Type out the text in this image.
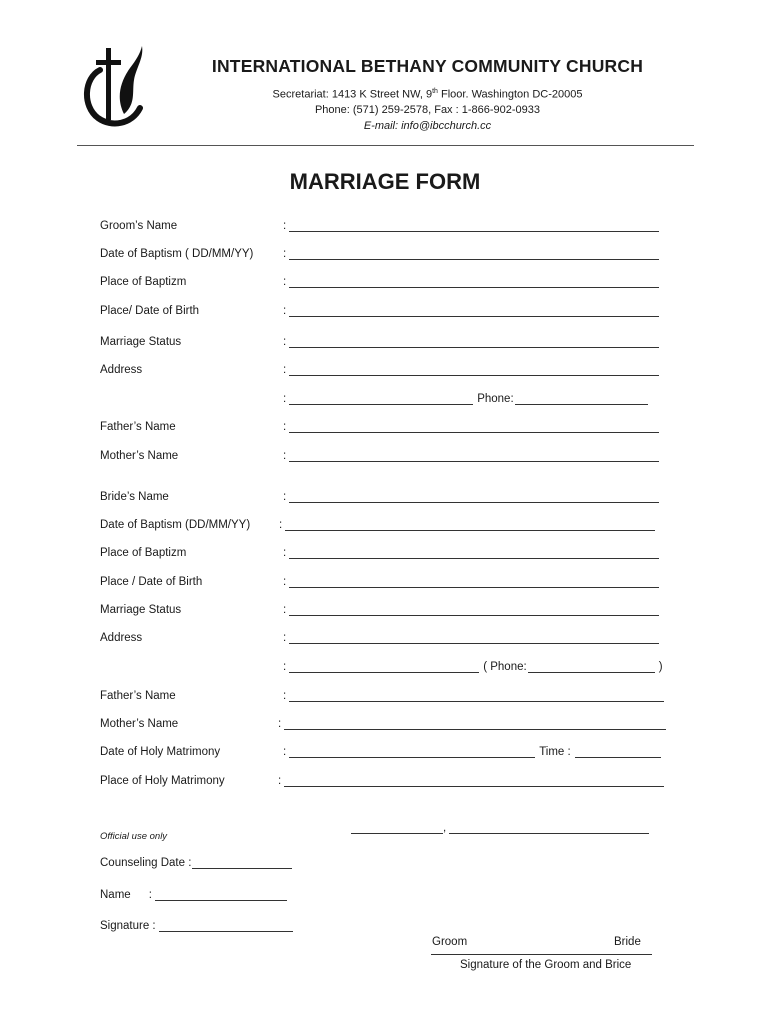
INTERNATIONAL BETHANY COMMUNITY CHURCH
Secretariat: 1413 K Street NW, 9th Floor. Washington DC-20005
Phone: (571) 259-2578, Fax : 1-866-902-0933
E-mail: info@ibcchurch.cc
MARRIAGE FORM
Groom’s Name	:
Date of Baptism ( DD/MM/YY)	:
Place of Baptizm	:
Place/ Date of Birth	:
Marriage Status	:
Address	:
:	Phone:
Father’s Name	:
Mother’s Name	:
Bride’s Name	:
Date of Baptism (DD/MM/YY)	:
Place of Baptizm	:
Place / Date of Birth	:
Marriage Status	:
Address	:
:	( Phone:	)
Father’s Name	:
Mother’s Name	:
Date of Holy Matrimony	:	Time :
Place of Holy Matrimony	:
,
Official use only
Counseling Date :
Name :
Signature :
Groom	Bride
Signature of the Groom and Brice
